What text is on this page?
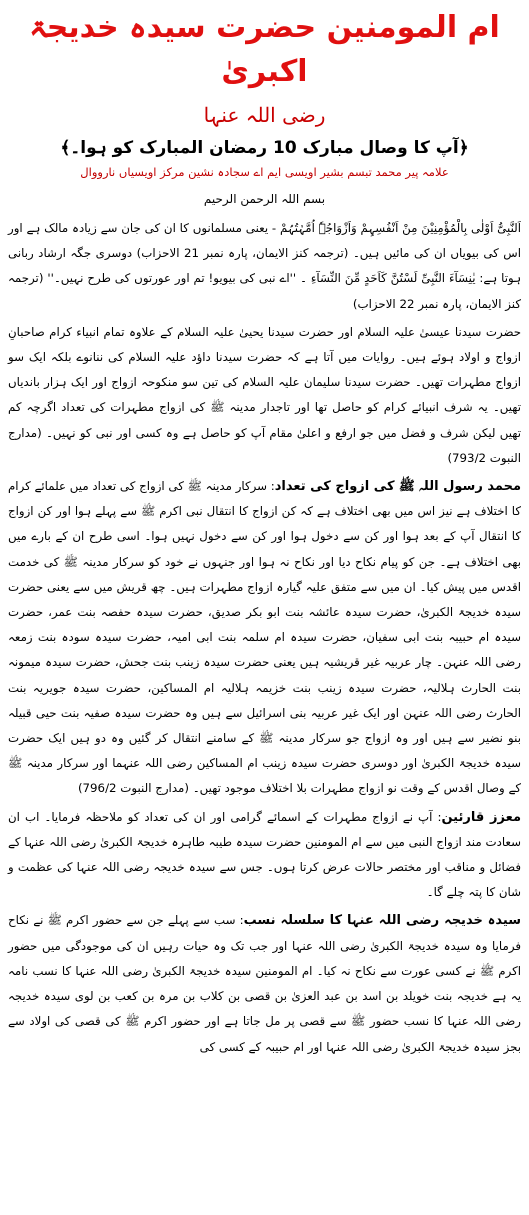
ام المومنین حضرت سیدہ خدیجۃ اکبریٰ
رضی اللہ عنہا
﴿آپ کا وصال مبارک 10 رمضان المبارک کو ہوا۔﴾
علامہ پیر محمد تبسم بشیر اویسی ایم اے سجادہ نشین مرکز اویسیاں نارووال
بسم اللہ الرحمن الرحیم

اَلنَّبِیُّ اَوْلٰی بِالْمُؤْمِنِیْنَ مِنْ اَنْفُسِہِمْ وَاَزْوَاجُہٗ اُمَّہٰتُہُمْ - یعنی مسلمانوں کا ان کی جان سے زیادہ مالک ہے اور اس کی بیویاں ان کی مائیں ہیں۔ (ترجمہ کنز الایمان، پارہ نمبر 21 الاحزاب) دوسری جگہ ارشاد ربانی ہوتا ہے: یٰنِسَآءَ النَّبِیِّ لَسْتُنَّ کَاَحَدٍ مِّنَ النِّسَآءِ ۔ ''اے نبی کی بیویو! تم اور عورتوں کی طرح نہیں۔'' (ترجمہ کنز الایمان، پارہ نمبر 22 الاحزاب)

حضرت سیدنا عیسیٰ علیہ السلام اور حضرت سیدنا یحییٰ علیہ السلام کے علاوہ تمام انبیاء کرام صاحبانِ ازواج و اولاد ہوئے ہیں۔ روایات میں آتا ہے کہ حضرت سیدنا داؤد علیہ السلام کی ننانوے بلکہ ایک سو ازواج مطہرات تھیں۔ حضرت سیدنا سلیمان علیہ السلام کی تین سو منکوحہ ازواج اور ایک ہزار باندیاں تھیں۔ یہ شرف انبیائے کرام کو حاصل تھا اور تاجدار مدینہ ﷺ کی ازواج مطہرات کی تعداد اگرچہ کم تھیں لیکن شرف و فضل میں جو ارفع و اعلیٰ مقام آپ کو حاصل ہے وہ کسی اور نبی کو نہیں۔ (مدارج النبوت 793/2)

محمد رسول اللہ ﷺ کی ازواج کی تعداد: سرکار مدینہ ﷺ کی ازواج کی تعداد میں علمائے کرام کا اختلاف ہے نیز اس میں بھی اختلاف ہے کہ کن ازواج کا انتقال نبی اکرم ﷺ سے پہلے ہوا اور کن ازواج کا انتقال آپ کے بعد ہوا اور کن سے دخول ہوا اور کن سے دخول نہیں ہوا۔ اسی طرح ان کے بارے میں بھی اختلاف ہے۔ جن کو پیام نکاح دیا اور نکاح نہ ہوا اور جنہوں نے خود کو سرکار مدینہ ﷺ کی خدمت اقدس میں پیش کیا۔ ان میں سے متفق علیہ گیارہ ازواج مطہرات ہیں۔ چھ قریش میں سے یعنی حضرت سیدہ خدیجۃ الکبریٰ، حضرت سیدہ عائشہ بنت ابو بکر صدیق، حضرت سیدہ حفصہ بنت عمر، حضرت سیدہ ام حبیبہ بنت ابی سفیان، حضرت سیدہ ام سلمہ بنت ابی امیہ، حضرت سیدہ سودہ بنت زمعہ رضی اللہ عنہن۔ چار عربیہ غیر قریشیہ ہیں یعنی حضرت سیدہ زینب بنت جحش، حضرت سیدہ میمونہ بنت الحارث ہلالیہ، حضرت سیدہ زینب بنت خزیمہ ہلالیہ ام المساکین، حضرت سیدہ جویریہ بنت الحارث رضی اللہ عنہن اور ایک غیر عربیہ بنی اسرائیل سے ہیں وہ حضرت سیدہ صفیہ بنت حیی قبیلہ بنو نضیر سے ہیں اور وہ ازواج جو سرکار مدینہ ﷺ کے سامنے انتقال کر گئیں وہ دو ہیں ایک حضرت سیدہ خدیجۃ الکبریٰ اور دوسری حضرت سیدہ زینب ام المساکین رضی اللہ عنہما اور سرکار مدینہ ﷺ کے وصال اقدس کے وقت نو ازواج مطہرات بلا اختلاف موجود تھیں۔ (مدارج النبوت 796/2)

معزز قارئین: آپ نے ازواج مطہرات کے اسمائے گرامی اور ان کی تعداد کو ملاحظہ فرمایا۔ اب ان سعادت مند ازواج النبی میں سے ام المومنین حضرت سیدہ طیبہ طاہرہ خدیجۃ الکبریٰ رضی اللہ عنہا کے فضائل و مناقب اور مختصر حالات عرض کرتا ہوں۔ جس سے سیدہ خدیجہ رضی اللہ عنہا کی عظمت و شان کا پتہ چلے گا۔

سیدہ خدیجہ رضی اللہ عنہا کا سلسلہ نسب: سب سے پہلے جن سے حضور اکرم ﷺ نے نکاح فرمایا وہ سیدہ خدیجۃ الکبریٰ رضی اللہ عنہا اور جب تک وہ حیات رہیں ان کی موجودگی میں حضور اکرم ﷺ نے کسی عورت سے نکاح نہ کیا۔ ام المومنین سیدہ خدیجۃ الکبریٰ رضی اللہ عنہا کا نسب نامہ یہ ہے خدیجہ بنت خویلد بن اسد بن عبد العزیٰ بن قصی بن کلاب بن مرہ بن کعب بن لوی سیدہ خدیجہ رضی اللہ عنہا کا نسب حضور ﷺ سے قصی پر مل جاتا ہے اور حضور اکرم ﷺ کی قصی کی اولاد سے بجز سیدہ خدیجۃ الکبریٰ رضی اللہ عنہا اور ام حبیبہ کے کسی کی
